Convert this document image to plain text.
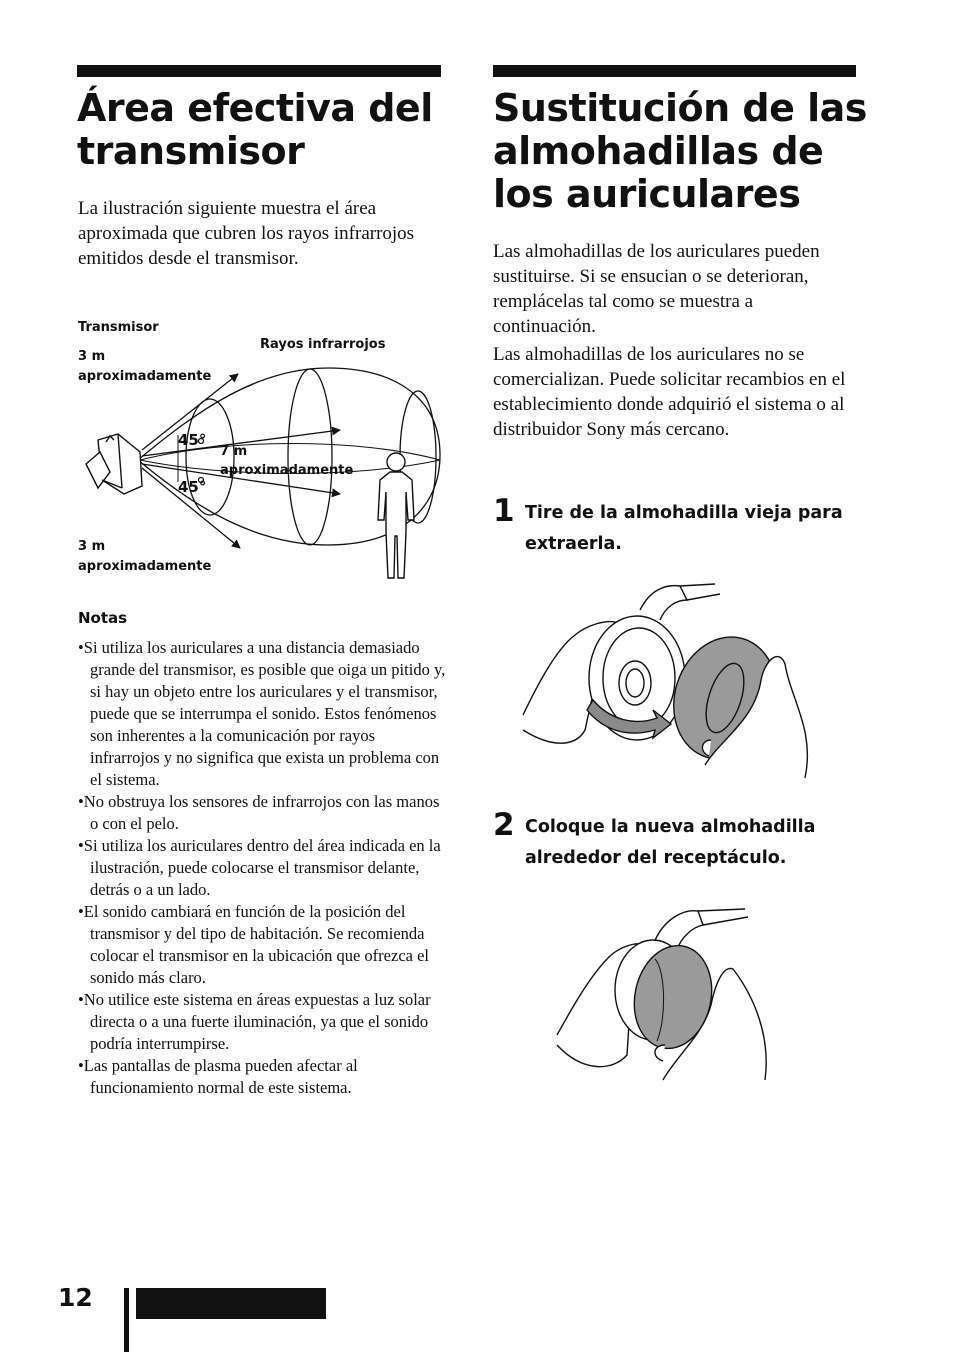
Área efectiva del
transmisor

La ilustración siguiente muestra el área aproximada que cubren los rayos infrarrojos emitidos desde el transmisor.

Transmisor

3 m

aproximadamente

Rayos infrarrojos

7 m

aproximadamente

3 m

aproximadamente

45°

45°

Notas

• Si utiliza los auriculares a una distancia demasiado grande del transmisor, es posible que oiga un pitido y, si hay un objeto entre los auriculares y el transmisor, puede que se interrumpa el sonido. Estos fenómenos son inherentes a la comunicación por rayos infrarrojos y no significa que exista un problema con el sistema.
• No obstruya los sensores de infrarrojos con las manos o con el pelo.
• Si utiliza los auriculares dentro del área indicada en la ilustración, puede colocarse el transmisor delante, detrás o a un lado.
• El sonido cambiará en función de la posición del transmisor y del tipo de habitación. Se recomienda colocar el transmisor en la ubicación que ofrezca el sonido más claro.
• No utilice este sistema en áreas expuestas a luz solar directa o a una fuerte iluminación, ya que el sonido podría interrumpirse.
• Las pantallas de plasma pueden afectar al funcionamiento normal de este sistema.
Sustitución de las
almohadillas de
los auriculares

Las almohadillas de los auriculares pueden sustituirse. Si se ensucian o se deterioran, remplácelas tal como se muestra a continuación.

Las almohadillas de los auriculares no se comercializan. Puede solicitar recambios en el establecimiento donde adquirió el sistema o al distribuidor Sony más cercano.

1 Tire de la almohadilla vieja para extraerla.

2 Coloque la nueva almohadilla alrededor del receptáculo.

12
